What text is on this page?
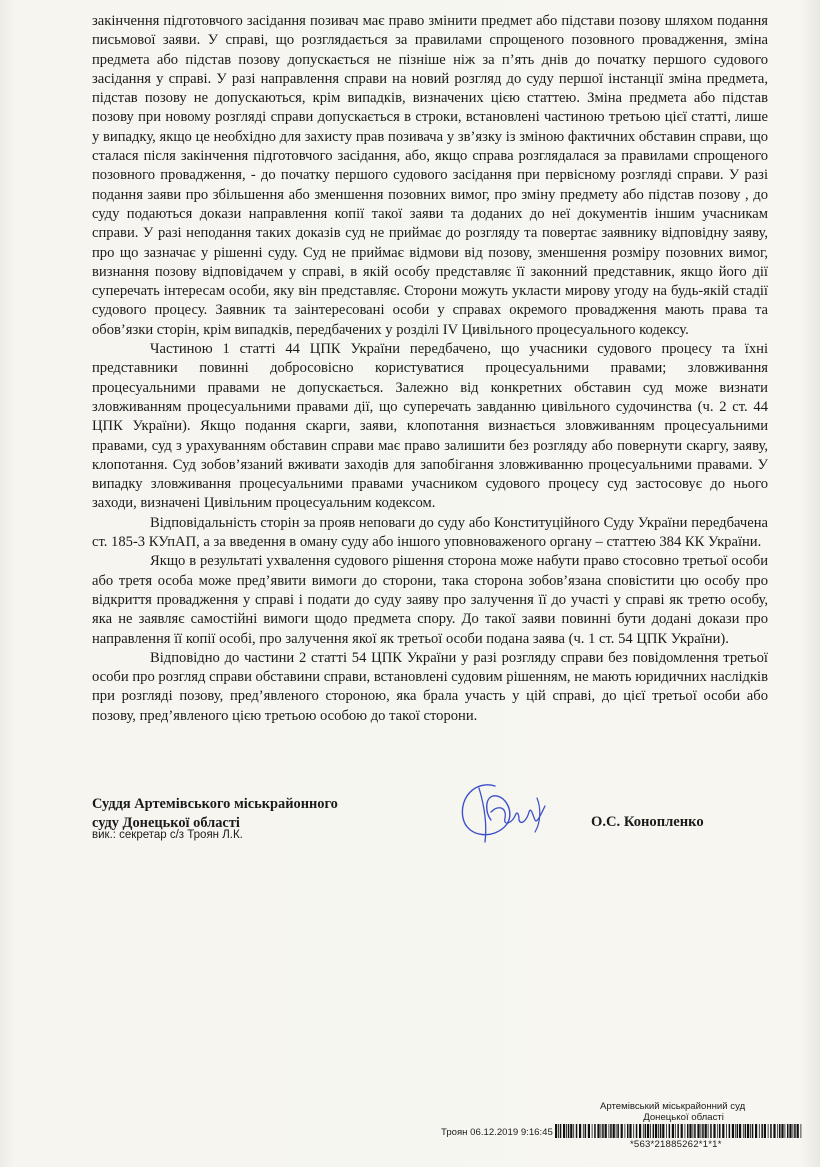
закінчення підготовчого засідання позивач має право змінити предмет або підстави позову шляхом подання письмової заяви. У справі, що розглядається за правилами спрощеного позовного провадження, зміна предмета або підстав позову допускається не пізніше ніж за п’ять днів до початку першого судового засідання у справі. У разі направлення справи на новий розгляд до суду першої інстанції зміна предмета, підстав позову не допускаються, крім випадків, визначених цією статтею. Зміна предмета або підстав позову при новому розгляді справи допускається в строки, встановлені частиною третьою цієї статті, лише у випадку, якщо це необхідно для захисту прав позивача у зв’язку із зміною фактичних обставин справи, що сталася після закінчення підготовчого засідання, або, якщо справа розглядалася за правилами спрощеного позовного провадження, - до початку першого судового засідання при первісному розгляді справи. У разі подання заяви про збільшення або зменшення позовних вимог, про зміну предмету або підстав позову , до суду подаються докази направлення копії такої заяви та доданих до неї документів іншим учасникам справи. У разі неподання таких доказів суд не приймає до розгляду та повертає заявнику відповідну заяву, про що зазначає у рішенні суду. Суд не приймає відмови від позову, зменшення розміру позовних вимог, визнання позову відповідачем у справі, в якій особу представляє її законний представник, якщо його дії суперечать інтересам особи, яку він представляє. Сторони можуть укласти мирову угоду на будь-якій стадії судового процесу. Заявник та заінтересовані особи у справах окремого провадження мають права та обов’язки сторін, крім випадків, передбачених у розділі IV Цивільного процесуального кодексу.

Частиною 1 статті 44 ЦПК України передбачено, що учасники судового процесу та їхні представники повинні добросовісно користуватися процесуальними правами; зловживання процесуальними правами не допускається. Залежно від конкретних обставин суд може визнати зловживанням процесуальними правами дії, що суперечать завданню цивільного судочинства (ч. 2 ст. 44 ЦПК України). Якщо подання скарги, заяви, клопотання визнається зловживанням процесуальними правами, суд з урахуванням обставин справи має право залишити без розгляду або повернути скаргу, заяву, клопотання. Суд зобов’язаний вживати заходів для запобігання зловживанню процесуальними правами. У випадку зловживання процесуальними правами учасником судового процесу суд застосовує до нього заходи, визначені Цивільним процесуальним кодексом.

Відповідальність сторін за прояв неповаги до суду або Конституційного Суду України передбачена ст. 185-3 КУпАП, а за введення в оману суду або іншого уповноваженого органу – статтею 384 КК України.

Якщо в результаті ухвалення судового рішення сторона може набути право стосовно третьої особи або третя особа може пред’явити вимоги до сторони, така сторона зобов’язана сповістити цю особу про відкриття провадження у справі і подати до суду заяву про залучення її до участі у справі як третю особу, яка не заявляє самостійні вимоги щодо предмета спору. До такої заяви повинні бути додані докази про направлення її копії особі, про залучення якої як третьої особи подана заява (ч. 1 ст. 54 ЦПК України).

Відповідно до частини 2 статті 54 ЦПК України у разі розгляду справи без повідомлення третьої особи про розгляд справи обставини справи, встановлені судовим рішенням, не мають юридичних наслідків при розгляді позову, пред’явленого стороною, яка брала участь у цій справі, до цієї третьої особи або позову, пред’явленого цією третьою особою до такої сторони.

Суддя Артемівського міськрайонного
суду Донецької області
вик.: секретар с/з Троян Л.К.
О.С. Конопленко
Артемівський міськрайонний суд
Донецької області
Троян 06.12.2019 9:16:45
*563*21885262*1*1*
